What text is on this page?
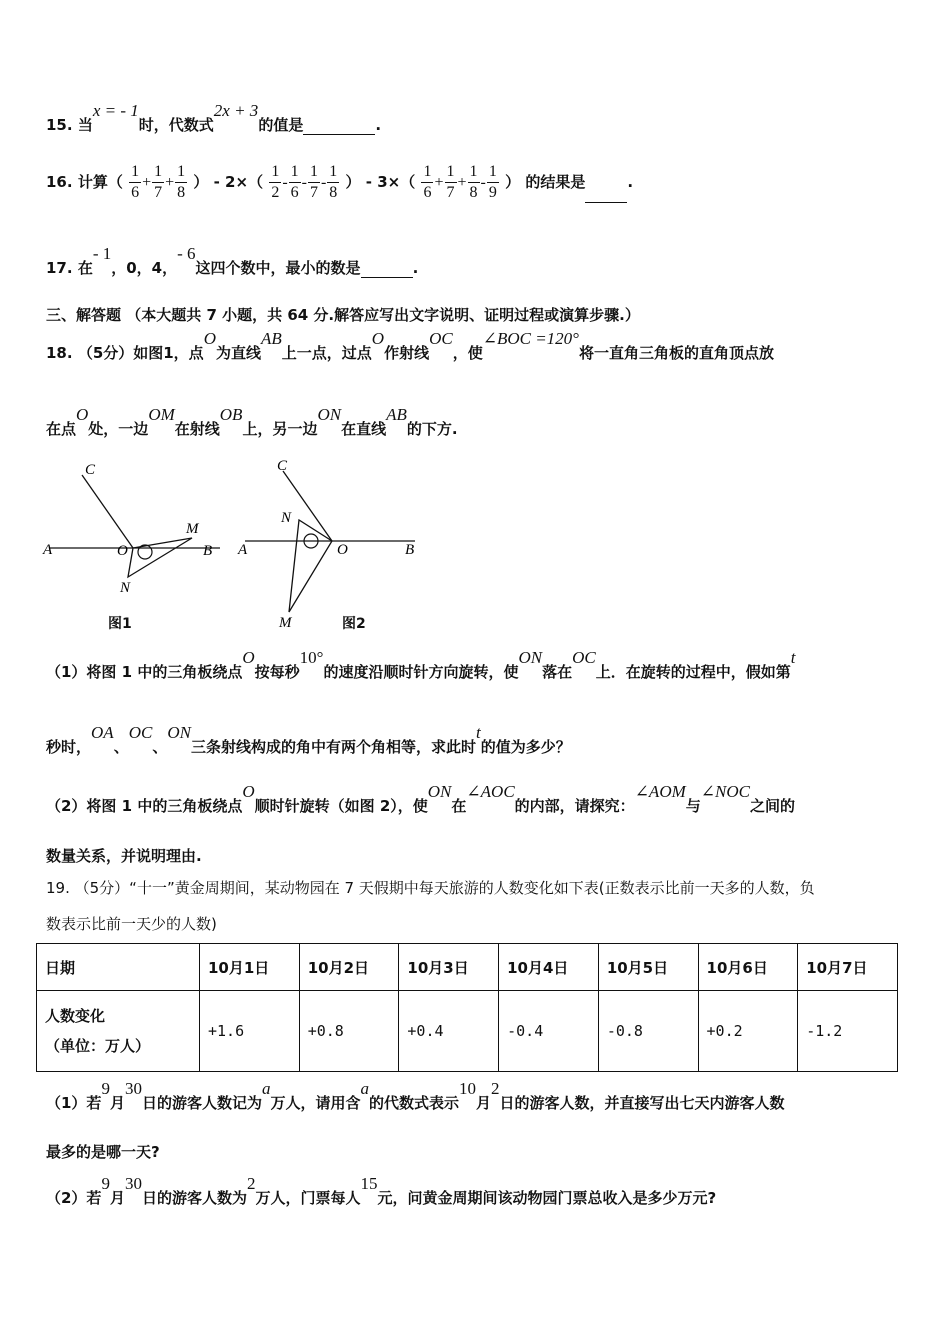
15. 当x = - 1时，代数式2x + 3的值是	.
16. 计算（ $\frac{1}{6} + \frac{1}{7} + \frac{1}{8}$ ） - $2\times( \frac{1}{2} - \frac{1}{6} - \frac{1}{7} - \frac{1}{8}$ ） - $3\times( \frac{1}{6} + \frac{1}{7} + \frac{1}{8} - \frac{1}{9}$ ） 的结果是	.
17. 在- 1，0，4，- 6这四个数中，最小的数是	.
三、解答题 （本大题共 7 小题，共 64 分.解答应写出文字说明、证明过程或演算步骤.）
18. （5分）如图1，点O为直线AB上一点，过点O作射线OC，使∠BOC =120°将一直角三角板的直角顶点放
在点O处，一边OM在射线OB上，另一边ON在直线AB的下方.
C
A	O
M
B
N
图1
C
N
A	O	B
M	图2
（1）将图 1 中的三角板绕点O按每秒10°的速度沿顺时针方向旋转，使ON落在OC上．在旋转的过程中，假如第t
秒时，OA、OC、ON三条射线构成的角中有两个角相等，求此时t的值为多少？
（2）将图 1 中的三角板绕点O顺时针旋转（如图 2），使ON在∠AOC的内部，请探究：∠AOM与∠NOC之间的
数量关系，并说明理由.
19. （5分）“十一”黄金周期间，某动物园在 7 天假期中每天旅游的人数变化如下表(正数表示比前一天多的人数，负
数表示比前一天少的人数)
日期	10月1日	10月2日	10月3日	10月4日	10月5日	10月6日	10月7日

人数变化
（单位：万人）	+1.6	+0.8	+0.4	-0.4	-0.8	+0.2	-1.2
（1）若9月30日的游客人数记为a万人，请用含a的代数式表示10月2日的游客人数，并直接写出七天内游客人数
最多的是哪一天?
（2）若9月30日的游客人数为2万人，门票每人15元，问黄金周期间该动物园门票总收入是多少万元?
